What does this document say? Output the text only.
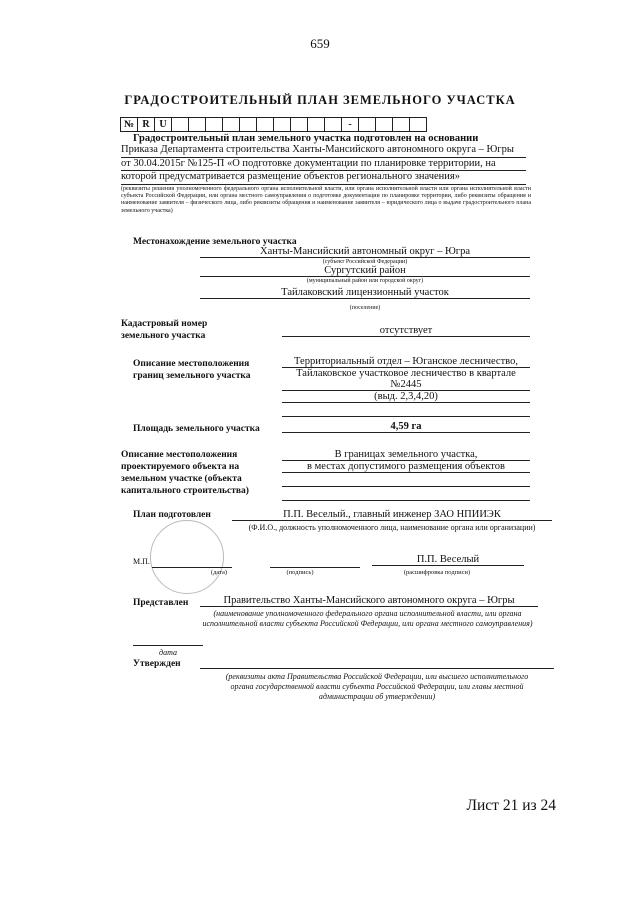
659
ГРАДОСТРОИТЕЛЬНЫЙ ПЛАН ЗЕМЕЛЬНОГО УЧАСТКА
№ R U	-
Градостроительный план земельного участка подготовлен на основании
Приказа Департамента строительства Ханты-Мансийского автономного округа – Югры
от 30.04.2015г №125-П «О подготовке документации по планировке территории, на
которой предусматривается размещение объектов регионального значения»
(реквизиты решения уполномоченного федерального органа исполнительной власти, или органа исполнительной власти или органа исполнительной власти субъекта Российской Федерации, или органа местного самоуправления о подготовке документации по планировке территории, либо реквизиты обращения и наименование заявителя – физического лица, либо реквизиты обращения и наименование заявителя – юридического лица о выдаче градостроительного плана земельного участка)
Местонахождение земельного участка
Ханты-Мансийский автономный округ – Югра
(субъект Российской Федерации)
Сургутский район
(муниципальный район или городской округ)
Тайлаковский лицензионный участок
(поселение)
Кадастровый номер
земельного участка	отсутствует
Описание местоположения
границ земельного участка
Территориальный отдел – Юганское лесничество,
Тайлаковское участковое лесничество в квартале №2445
(выд. 2,3,4,20)
Площадь земельного участка	4,59 га
Описание местоположения
проектируемого объекта на
земельном участке (объекта
капитального строительства)
В границах земельного участка,
в местах допустимого размещения объектов
План подготовлен	П.П. Веселый., главный инженер ЗАО НПИИЭК
(Ф.И.О., должность уполномоченного лица, наименование органа или организации)
М.П.
(дата)	(подпись)
П.П. Веселый
(расшифровка подписи)
Представлен	Правительство Ханты-Мансийского автономного округа – Югры
(наименование уполномоченного федерального органа исполнительной власти, или органа
исполнительной власти субъекта Российской Федерации, или органа местного самоуправления)
дата
Утвержден
(реквизиты акта Правительства Российской Федерации, или высшего исполнительного
органа государственной власти субъекта Российской Федерации, или главы местной
администрации об утверждении)
Лист 21 из 24
